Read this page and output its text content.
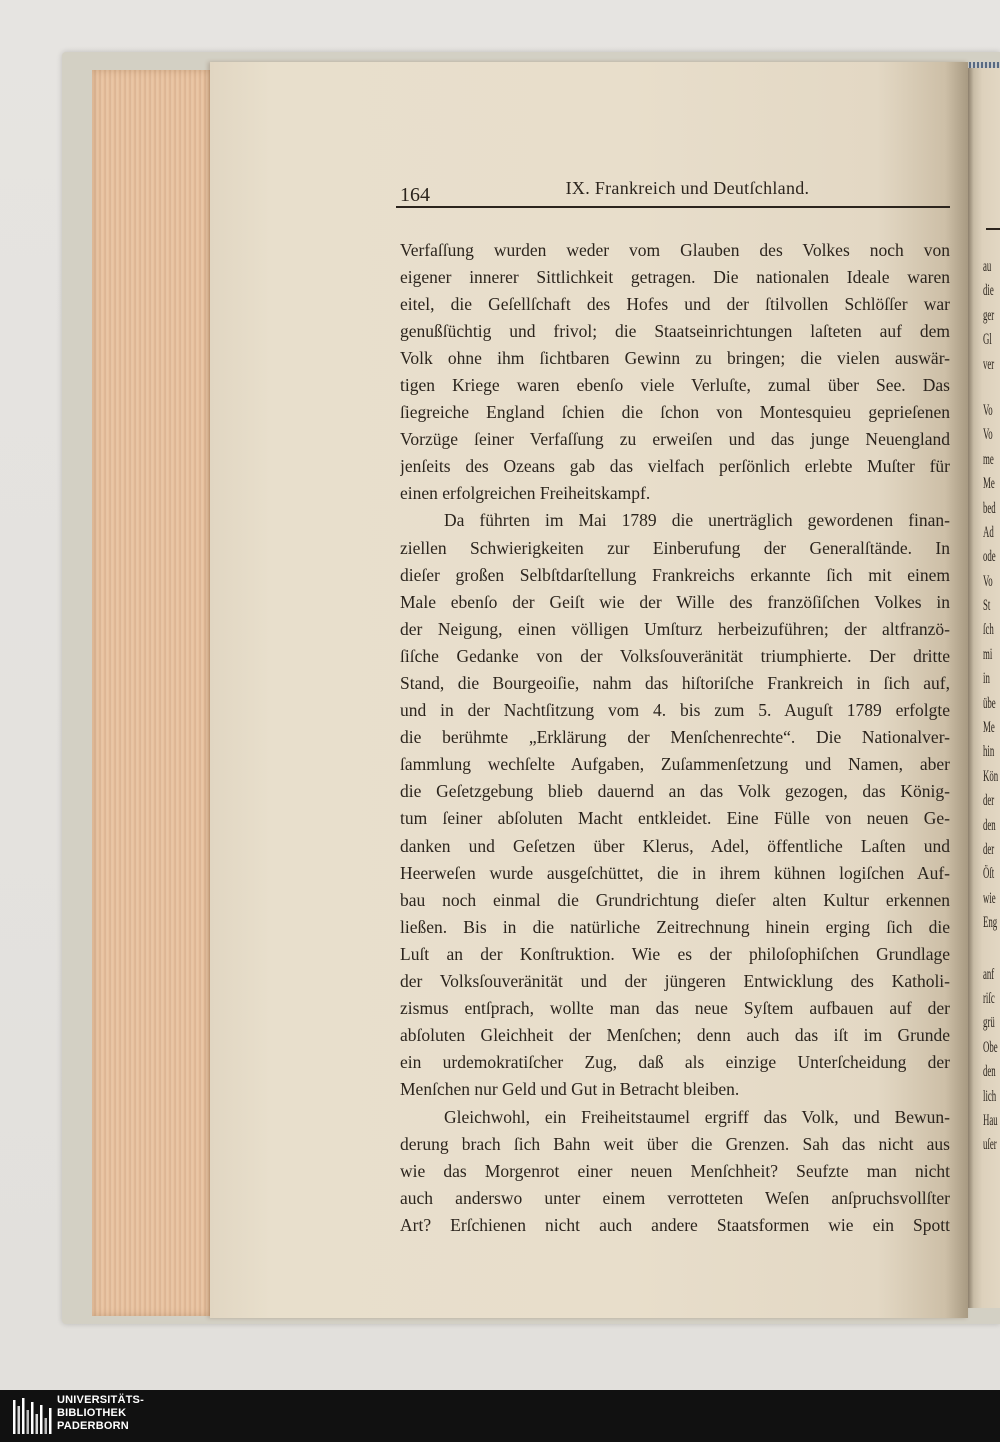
au
die
ger
Gl
ver
Vo
Vo
me
Me
bed
Ad
ode
Vo
St
ſch
mi
in
übe
Me
hin
Kön
der
den
der
Öſt
wie
Eng
anf
riſc
grü
Obe
den
lich
Hau
uſer
164	IX. Frankreich und Deutſchland.
Verfaſſung wurden weder vom Glauben des Volkes noch von
eigener innerer Sittlichkeit getragen. Die nationalen Ideale waren
eitel, die Geſellſchaft des Hofes und der ſtilvollen Schlöſſer war
genußſüchtig und frivol; die Staatseinrichtungen laſteten auf dem
Volk ohne ihm ſichtbaren Gewinn zu bringen; die vielen auswär-
tigen Kriege waren ebenſo viele Verluſte, zumal über See. Das
ſiegreiche England ſchien die ſchon von Montesquieu geprieſenen
Vorzüge ſeiner Verfaſſung zu erweiſen und das junge Neuengland
jenſeits des Ozeans gab das vielfach perſönlich erlebte Muſter für
einen erfolgreichen Freiheitskampf.
Da führten im Mai 1789 die unerträglich gewordenen finan-
ziellen Schwierigkeiten zur Einberufung der Generalſtände. In
dieſer großen Selbſtdarſtellung Frankreichs erkannte ſich mit einem
Male ebenſo der Geiſt wie der Wille des franzöſiſchen Volkes in
der Neigung, einen völligen Umſturz herbeizuführen; der altfranzö-
ſiſche Gedanke von der Volksſouveränität triumphierte. Der dritte
Stand, die Bourgeoiſie, nahm das hiſtoriſche Frankreich in ſich auf,
und in der Nachtſitzung vom 4. bis zum 5. Auguſt 1789 erfolgte
die berühmte „Erklärung der Menſchenrechte“. Die Nationalver-
ſammlung wechſelte Aufgaben, Zuſammenſetzung und Namen, aber
die Geſetzgebung blieb dauernd an das Volk gezogen, das König-
tum ſeiner abſoluten Macht entkleidet. Eine Fülle von neuen Ge-
danken und Geſetzen über Klerus, Adel, öffentliche Laſten und
Heerweſen wurde ausgeſchüttet, die in ihrem kühnen logiſchen Auf-
bau noch einmal die Grundrichtung dieſer alten Kultur erkennen
ließen. Bis in die natürliche Zeitrechnung hinein erging ſich die
Luſt an der Konſtruktion. Wie es der philoſophiſchen Grundlage
der Volksſouveränität und der jüngeren Entwicklung des Katholi-
zismus entſprach, wollte man das neue Syſtem aufbauen auf der
abſoluten Gleichheit der Menſchen; denn auch das iſt im Grunde
ein urdemokratiſcher Zug, daß als einzige Unterſcheidung der
Menſchen nur Geld und Gut in Betracht bleiben.
Gleichwohl, ein Freiheitstaumel ergriff das Volk, und Bewun-
derung brach ſich Bahn weit über die Grenzen. Sah das nicht aus
wie das Morgenrot einer neuen Menſchheit? Seufzte man nicht
auch anderswo unter einem verrotteten Weſen anſpruchsvollſter
Art? Erſchienen nicht auch andere Staatsformen wie ein Spott
UNIVERSITÄTS-
BIBLIOTHEK
PADERBORN
